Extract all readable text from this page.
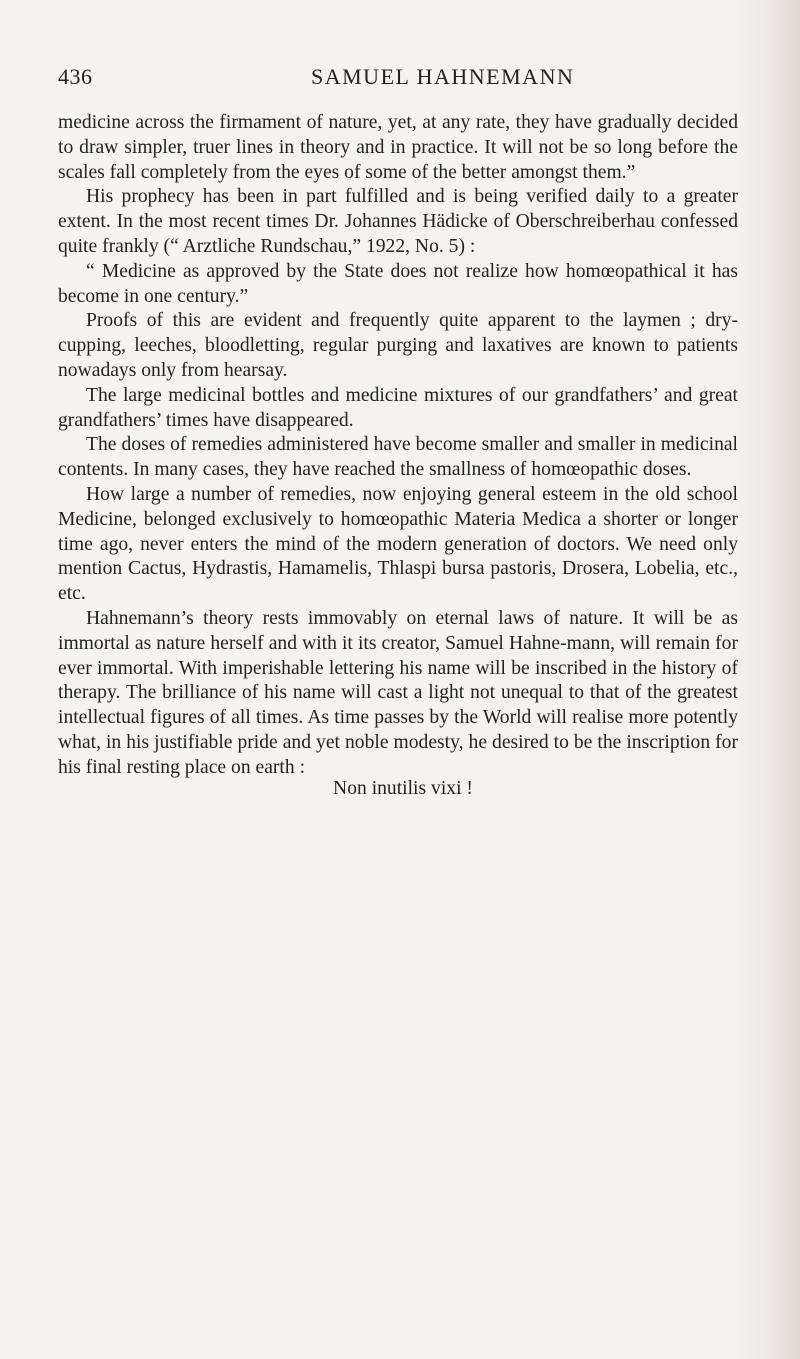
436	SAMUEL HAHNEMANN

medicine across the firmament of nature, yet, at any rate, they have gradually decided to draw simpler, truer lines in theory and in practice. It will not be so long before the scales fall completely from the eyes of some of the better amongst them.”

His prophecy has been in part fulfilled and is being verified daily to a greater extent. In the most recent times Dr. Johannes Hädicke of Oberschreiberhau confessed quite frankly (“ Arztliche Rundschau,” 1922, No. 5) :

“ Medicine as approved by the State does not realize how homœopathical it has become in one century.”

Proofs of this are evident and frequently quite apparent to the laymen ; dry-cupping, leeches, bloodletting, regular purging and laxatives are known to patients nowadays only from hearsay.

The large medicinal bottles and medicine mixtures of our grandfathers’ and great grandfathers’ times have disappeared.

The doses of remedies administered have become smaller and smaller in medicinal contents. In many cases, they have reached the smallness of homœopathic doses.

How large a number of remedies, now enjoying general esteem in the old school Medicine, belonged exclusively to homœopathic Materia Medica a shorter or longer time ago, never enters the mind of the modern generation of doctors. We need only mention Cactus, Hydrastis, Hamamelis, Thlaspi bursa pastoris, Drosera, Lobelia, etc., etc.

Hahnemann’s theory rests immovably on eternal laws of nature. It will be as immortal as nature herself and with it its creator, Samuel Hahne-mann, will remain for ever immortal. With imperishable lettering his name will be inscribed in the history of therapy. The brilliance of his name will cast a light not unequal to that of the greatest intellectual figures of all times. As time passes by the World will realise more potently what, in his justifiable pride and yet noble modesty, he desired to be the inscription for his final resting place on earth :

Non inutilis vixi !
